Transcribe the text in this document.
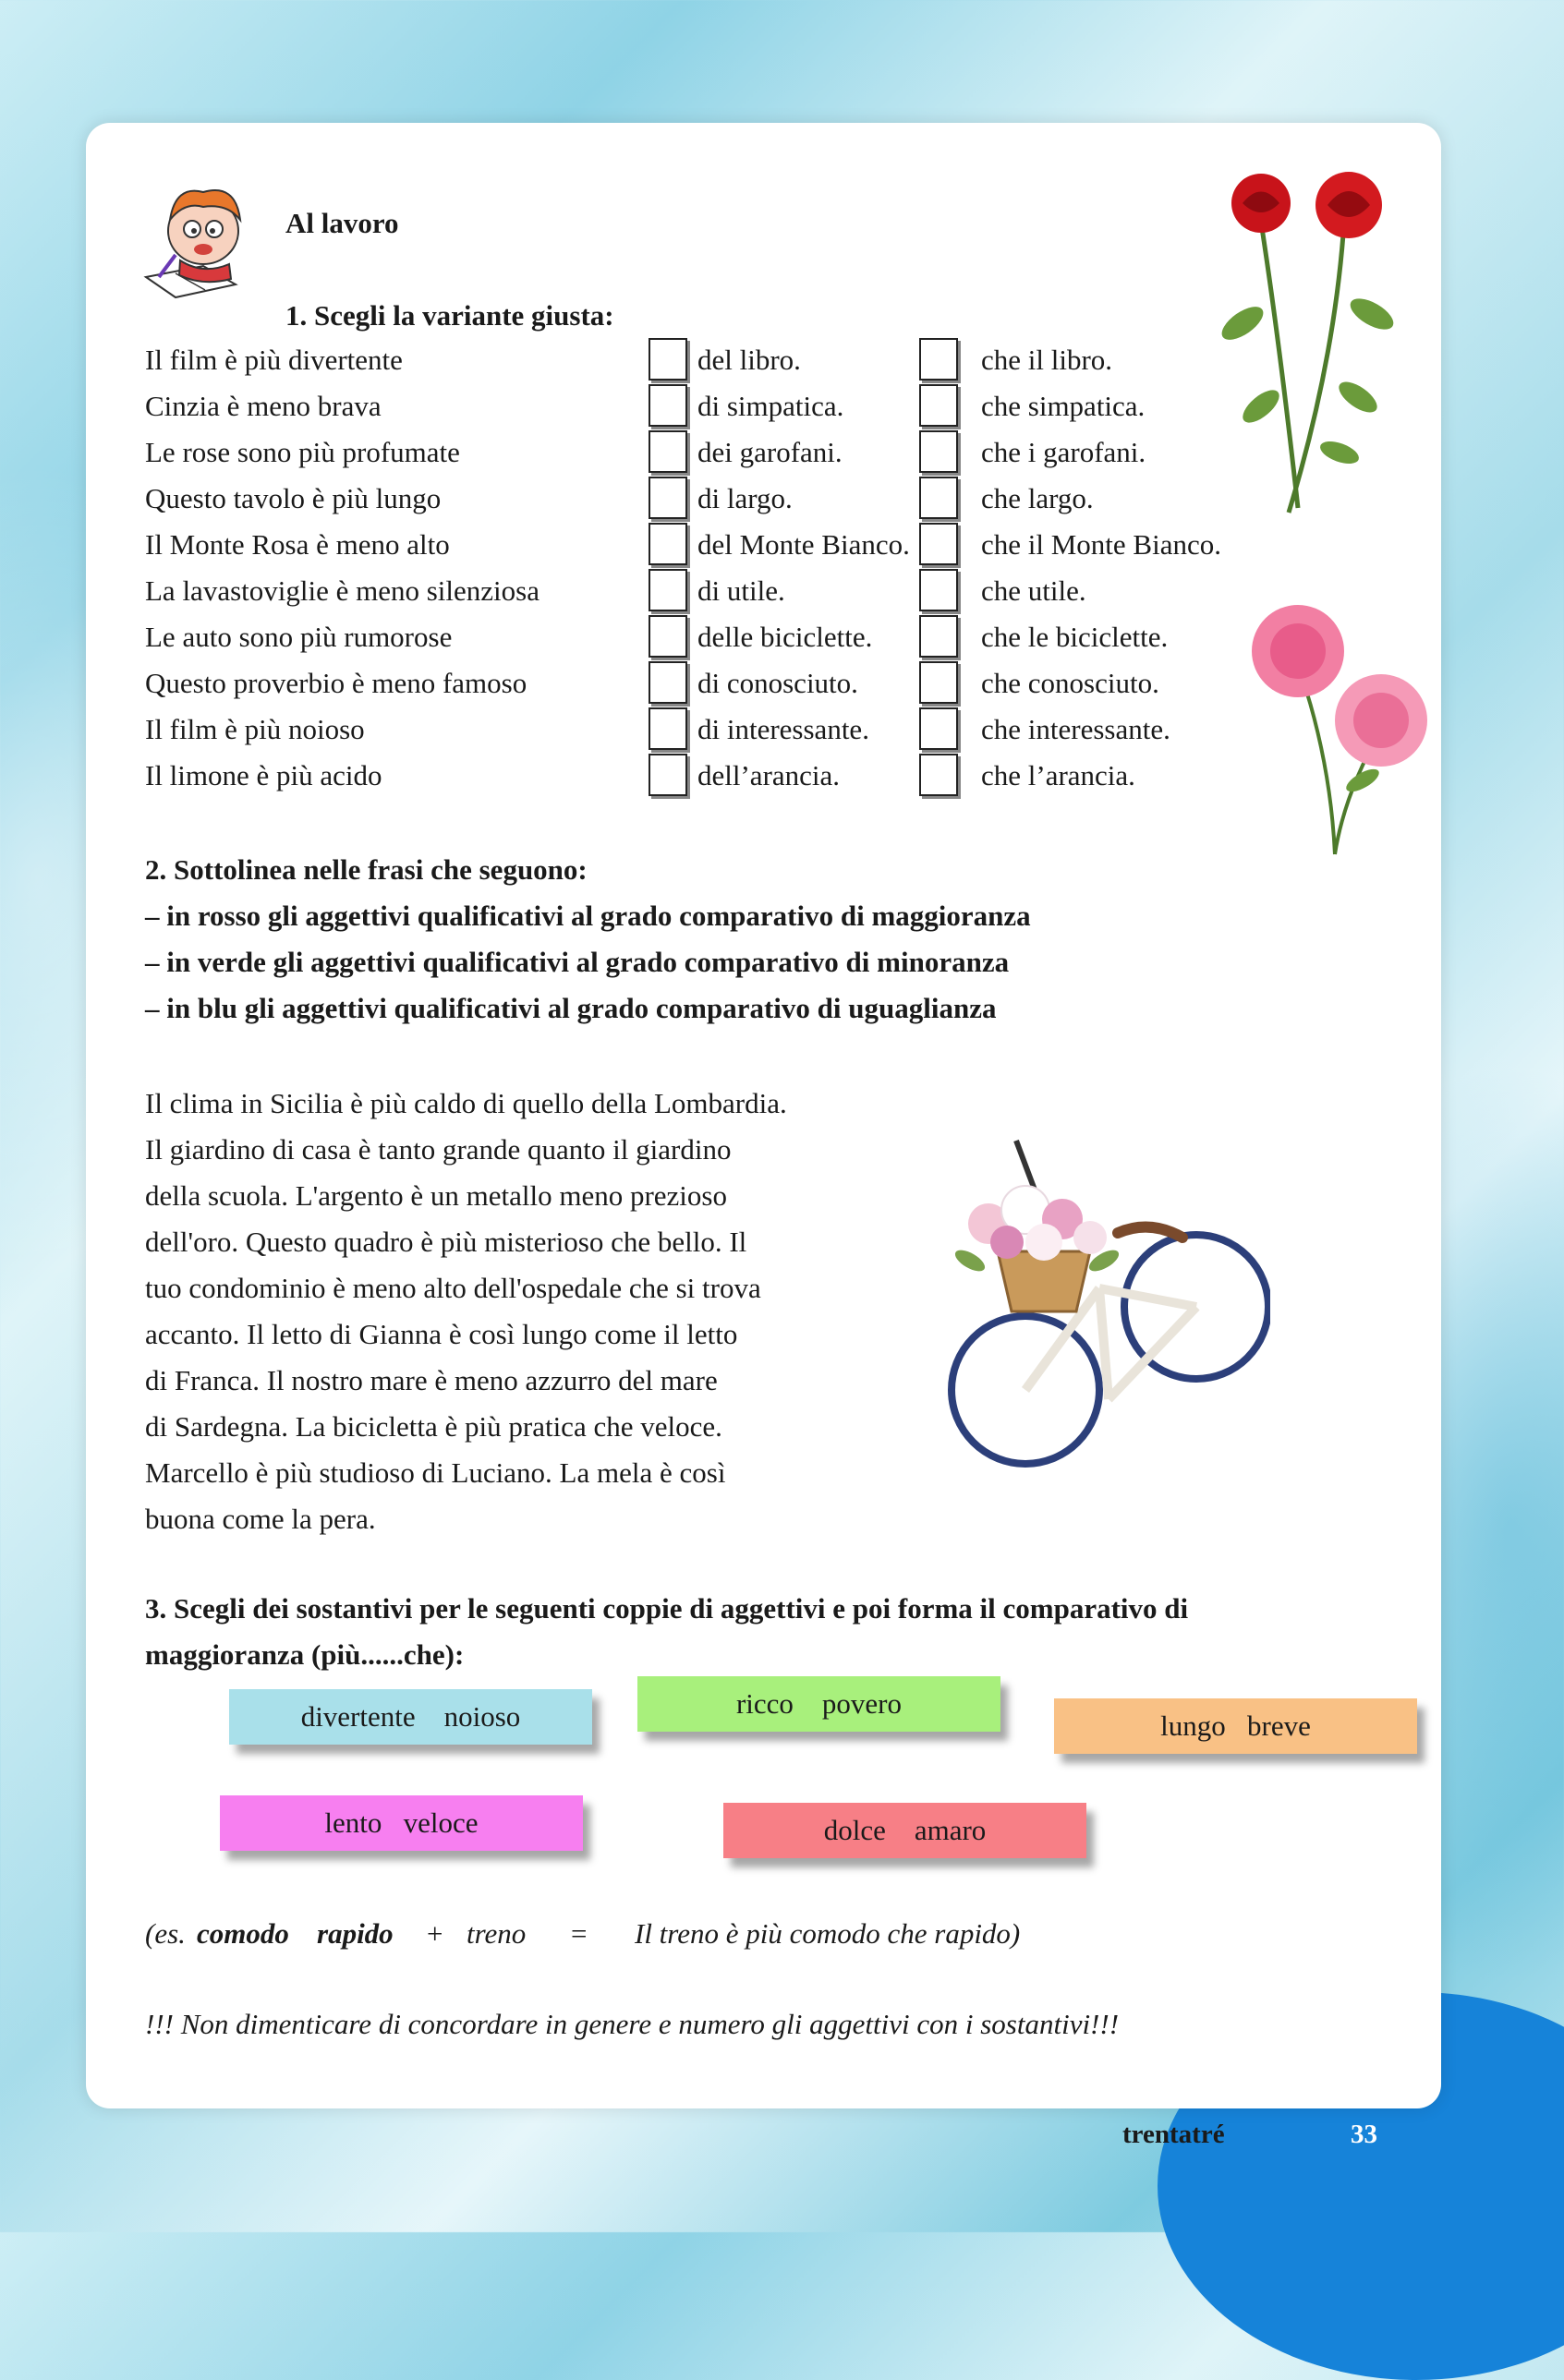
Al lavoro
1. Scegli la variante giusta:
Il film è più divertente	del libro.	che il libro.
Cinzia è meno brava	di simpatica.	che simpatica.
Le rose sono più profumate	dei garofani.	che i garofani.
Questo tavolo è più lungo	di largo.	che largo.
Il Monte Rosa è meno alto	del Monte Bianco. che il Monte Bianco.
La lavastoviglie è meno silenziosa	di utile.	che utile.
Le auto sono più rumorose	delle biciclette.	che le biciclette.
Questo proverbio è meno famoso	di conosciuto.	che conosciuto.
Il film è più noioso	di interessante.	che interessante.
Il limone è più acido	dell’arancia.	che l’arancia.
2. Sottolinea nelle frasi che seguono:
– in rosso gli aggettivi qualificativi al grado comparativo di maggioranza
– in verde gli aggettivi qualificativi al grado comparativo di minoranza
– in blu gli aggettivi qualificativi al grado comparativo di uguaglianza
Il clima in Sicilia è più caldo di quello della Lombardia.
Il giardino di casa è tanto grande quanto il giardino
della scuola. L'argento è un metallo meno prezioso
dell'oro. Questo quadro è più misterioso che bello. Il
tuo condominio è meno alto dell'ospedale che si trova
accanto. Il letto di Gianna è così lungo come il letto
di Franca. Il nostro mare è meno azzurro del mare
di Sardegna. La bicicletta è più pratica che veloce.
Marcello è più studioso di Luciano. La mela è così
buona come la pera.
3. Scegli dei sostantivi per le seguenti coppie di aggettivi e poi forma il comparativo di
maggioranza (più......che):
divertente    noioso	ricco    povero
lungo   breve
lento   veloce	dolce    amaro
(es. comodo rapido + treno = Il treno è più comodo che rapido)
!!! Non dimenticare di concordare in genere e numero gli aggettivi con i sostantivi!!!
trentatré	33
